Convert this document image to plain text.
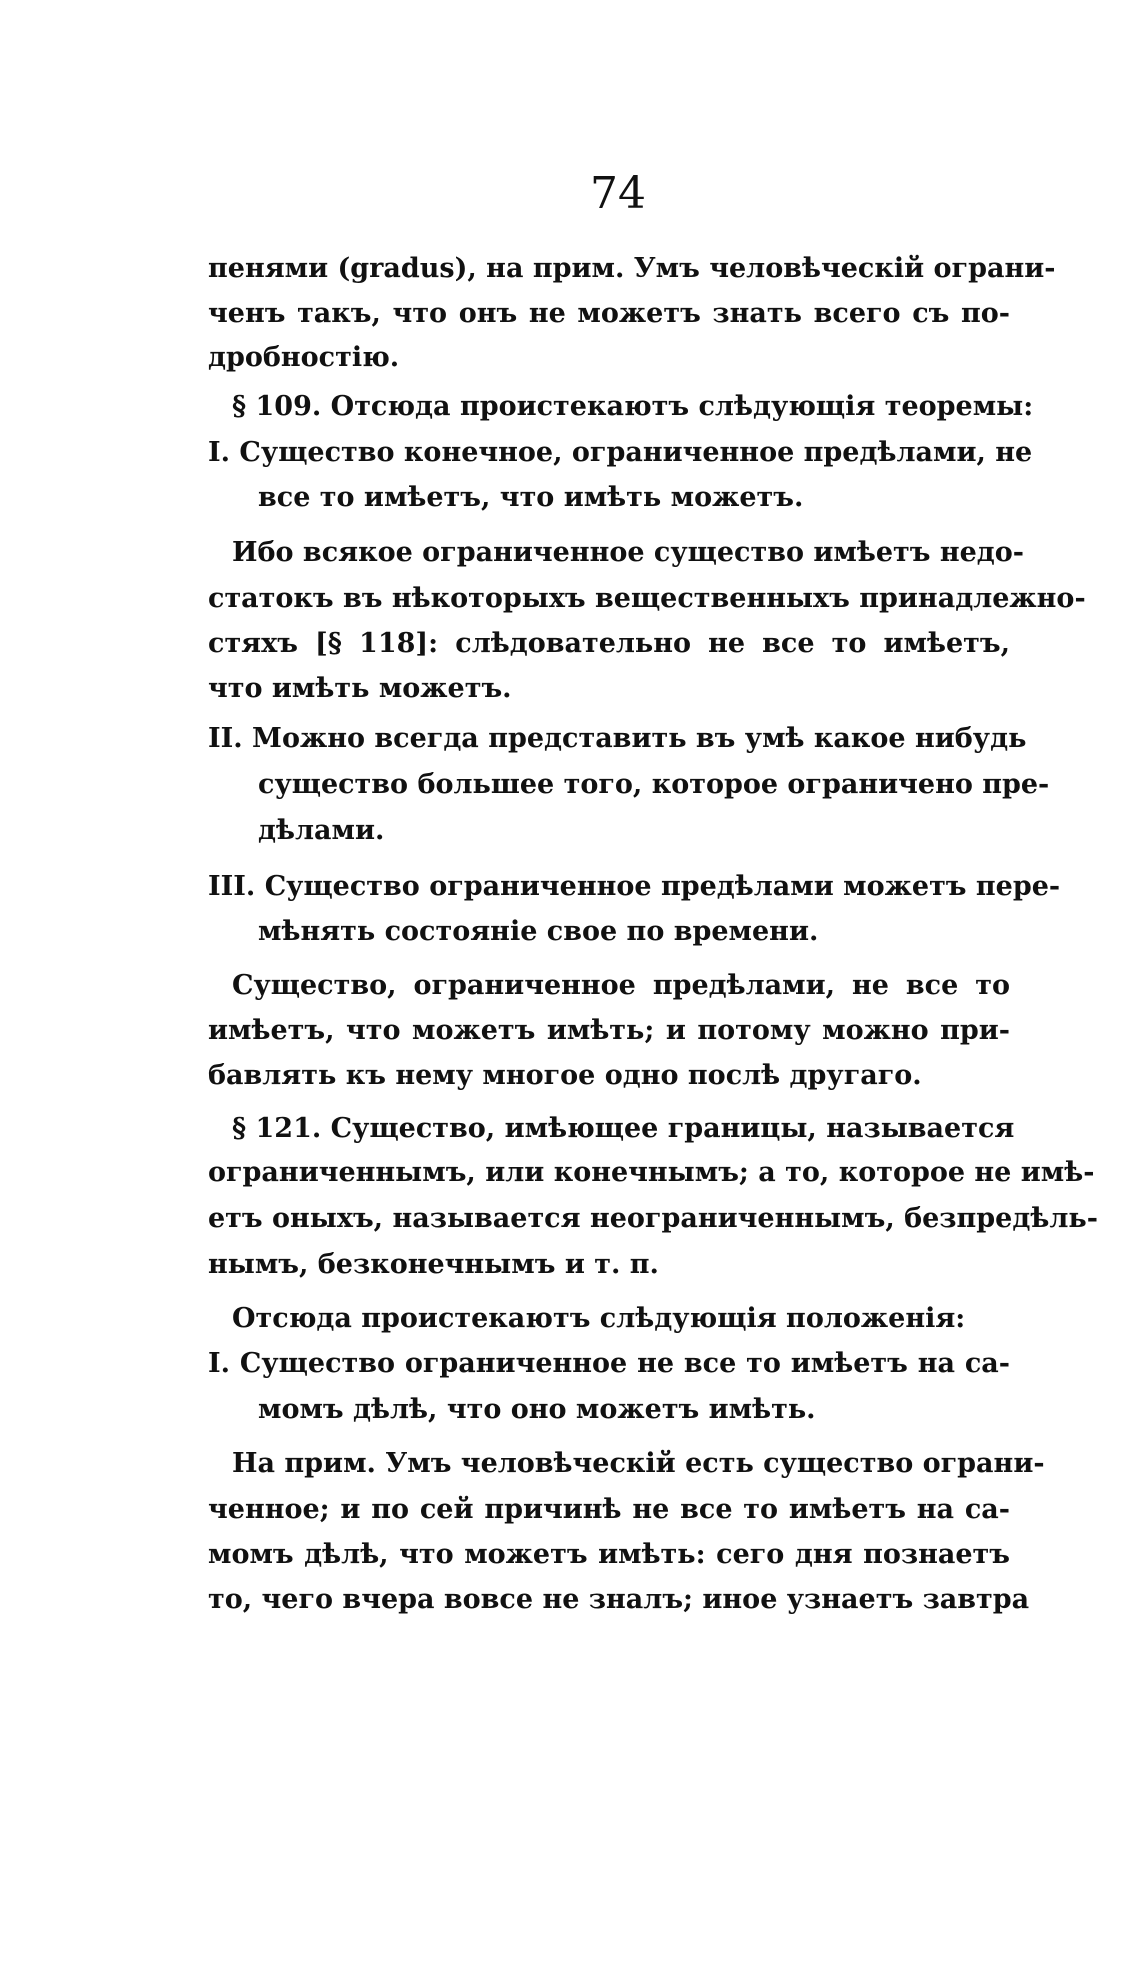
74
пенями (gradus), на прим. Умъ человѣческій ограни-
ченъ такъ, что онъ не можетъ знать всего съ по-
дробностію.
§ 109. Отсюда проистекаютъ слѣдующія теоремы:
I. Существо конечное, ограниченное предѣлами, не
все то имѣетъ, что имѣть можетъ.
Ибо всякое ограниченное существо имѣетъ недо-
статокъ въ нѣкоторыхъ вещественныхъ принадлежно-
стяхъ [§ 118]: слѣдовательно не все то имѣетъ,
что имѣть можетъ.
II. Можно всегда представить въ умѣ какое нибудь
существо большее того, которое ограничено пре-
дѣлами.
III. Существо ограниченное предѣлами можетъ пере-
мѣнять состояніе свое по времени.
Существо, ограниченное предѣлами, не все то
имѣетъ, что можетъ имѣть; и потому можно при-
бавлять къ нему многое одно послѣ другаго.
§ 121. Существо, имѣющее границы, называется
ограниченнымъ, или конечнымъ; а то, которое не имѣ-
етъ оныхъ, называется неограниченнымъ, безпредѣль-
нымъ, безконечнымъ и т. п.
Отсюда проистекаютъ слѣдующія положенія:
I. Существо ограниченное не все то имѣетъ на са-
момъ дѣлѣ, что оно можетъ имѣть.
На прим. Умъ человѣческій есть существо ограни-
ченное; и по сей причинѣ не все то имѣетъ на са-
момъ дѣлѣ, что можетъ имѣть: сего дня познаетъ
то, чего вчера вовсе не зналъ; иное узнаетъ завтра
